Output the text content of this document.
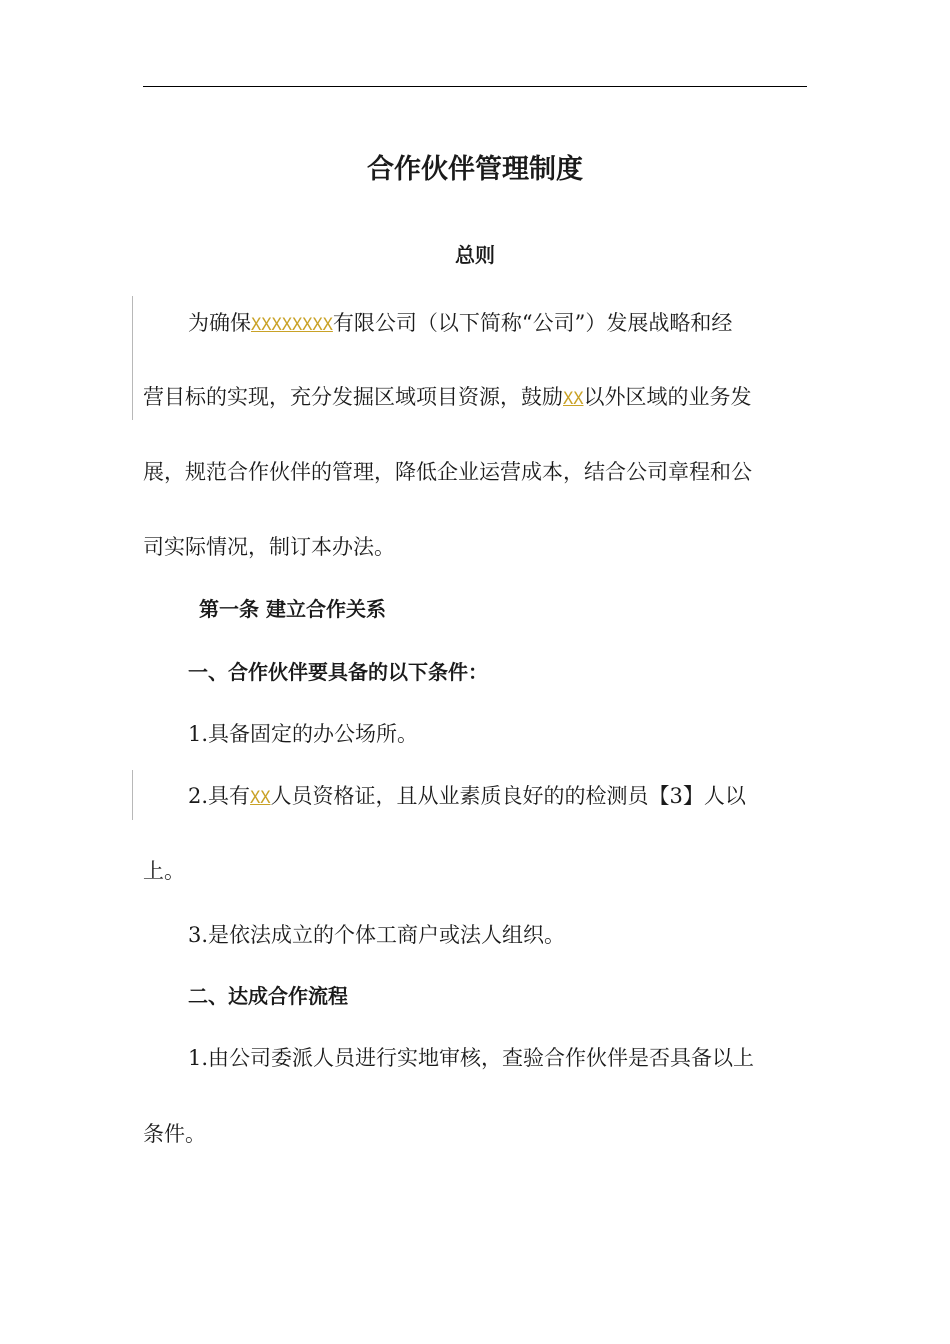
合作伙伴管理制度
总则

为确保XXXXXXXX有限公司（以下简称“公司”）发展战略和经

营目标的实现，充分发掘区域项目资源，鼓励XX以外区域的业务发

展，规范合作伙伴的管理，降低企业运营成本，结合公司章程和公

司实际情况，制订本办法。

第一条 建立合作关系

一、合作伙伴要具备的以下条件：

1.具备固定的办公场所。

2.具有XX人员资格证，且从业素质良好的的检测员【3】人以

上。

3.是依法成立的个体工商户或法人组织。

二、达成合作流程

1.由公司委派人员进行实地审核，查验合作伙伴是否具备以上

条件。
